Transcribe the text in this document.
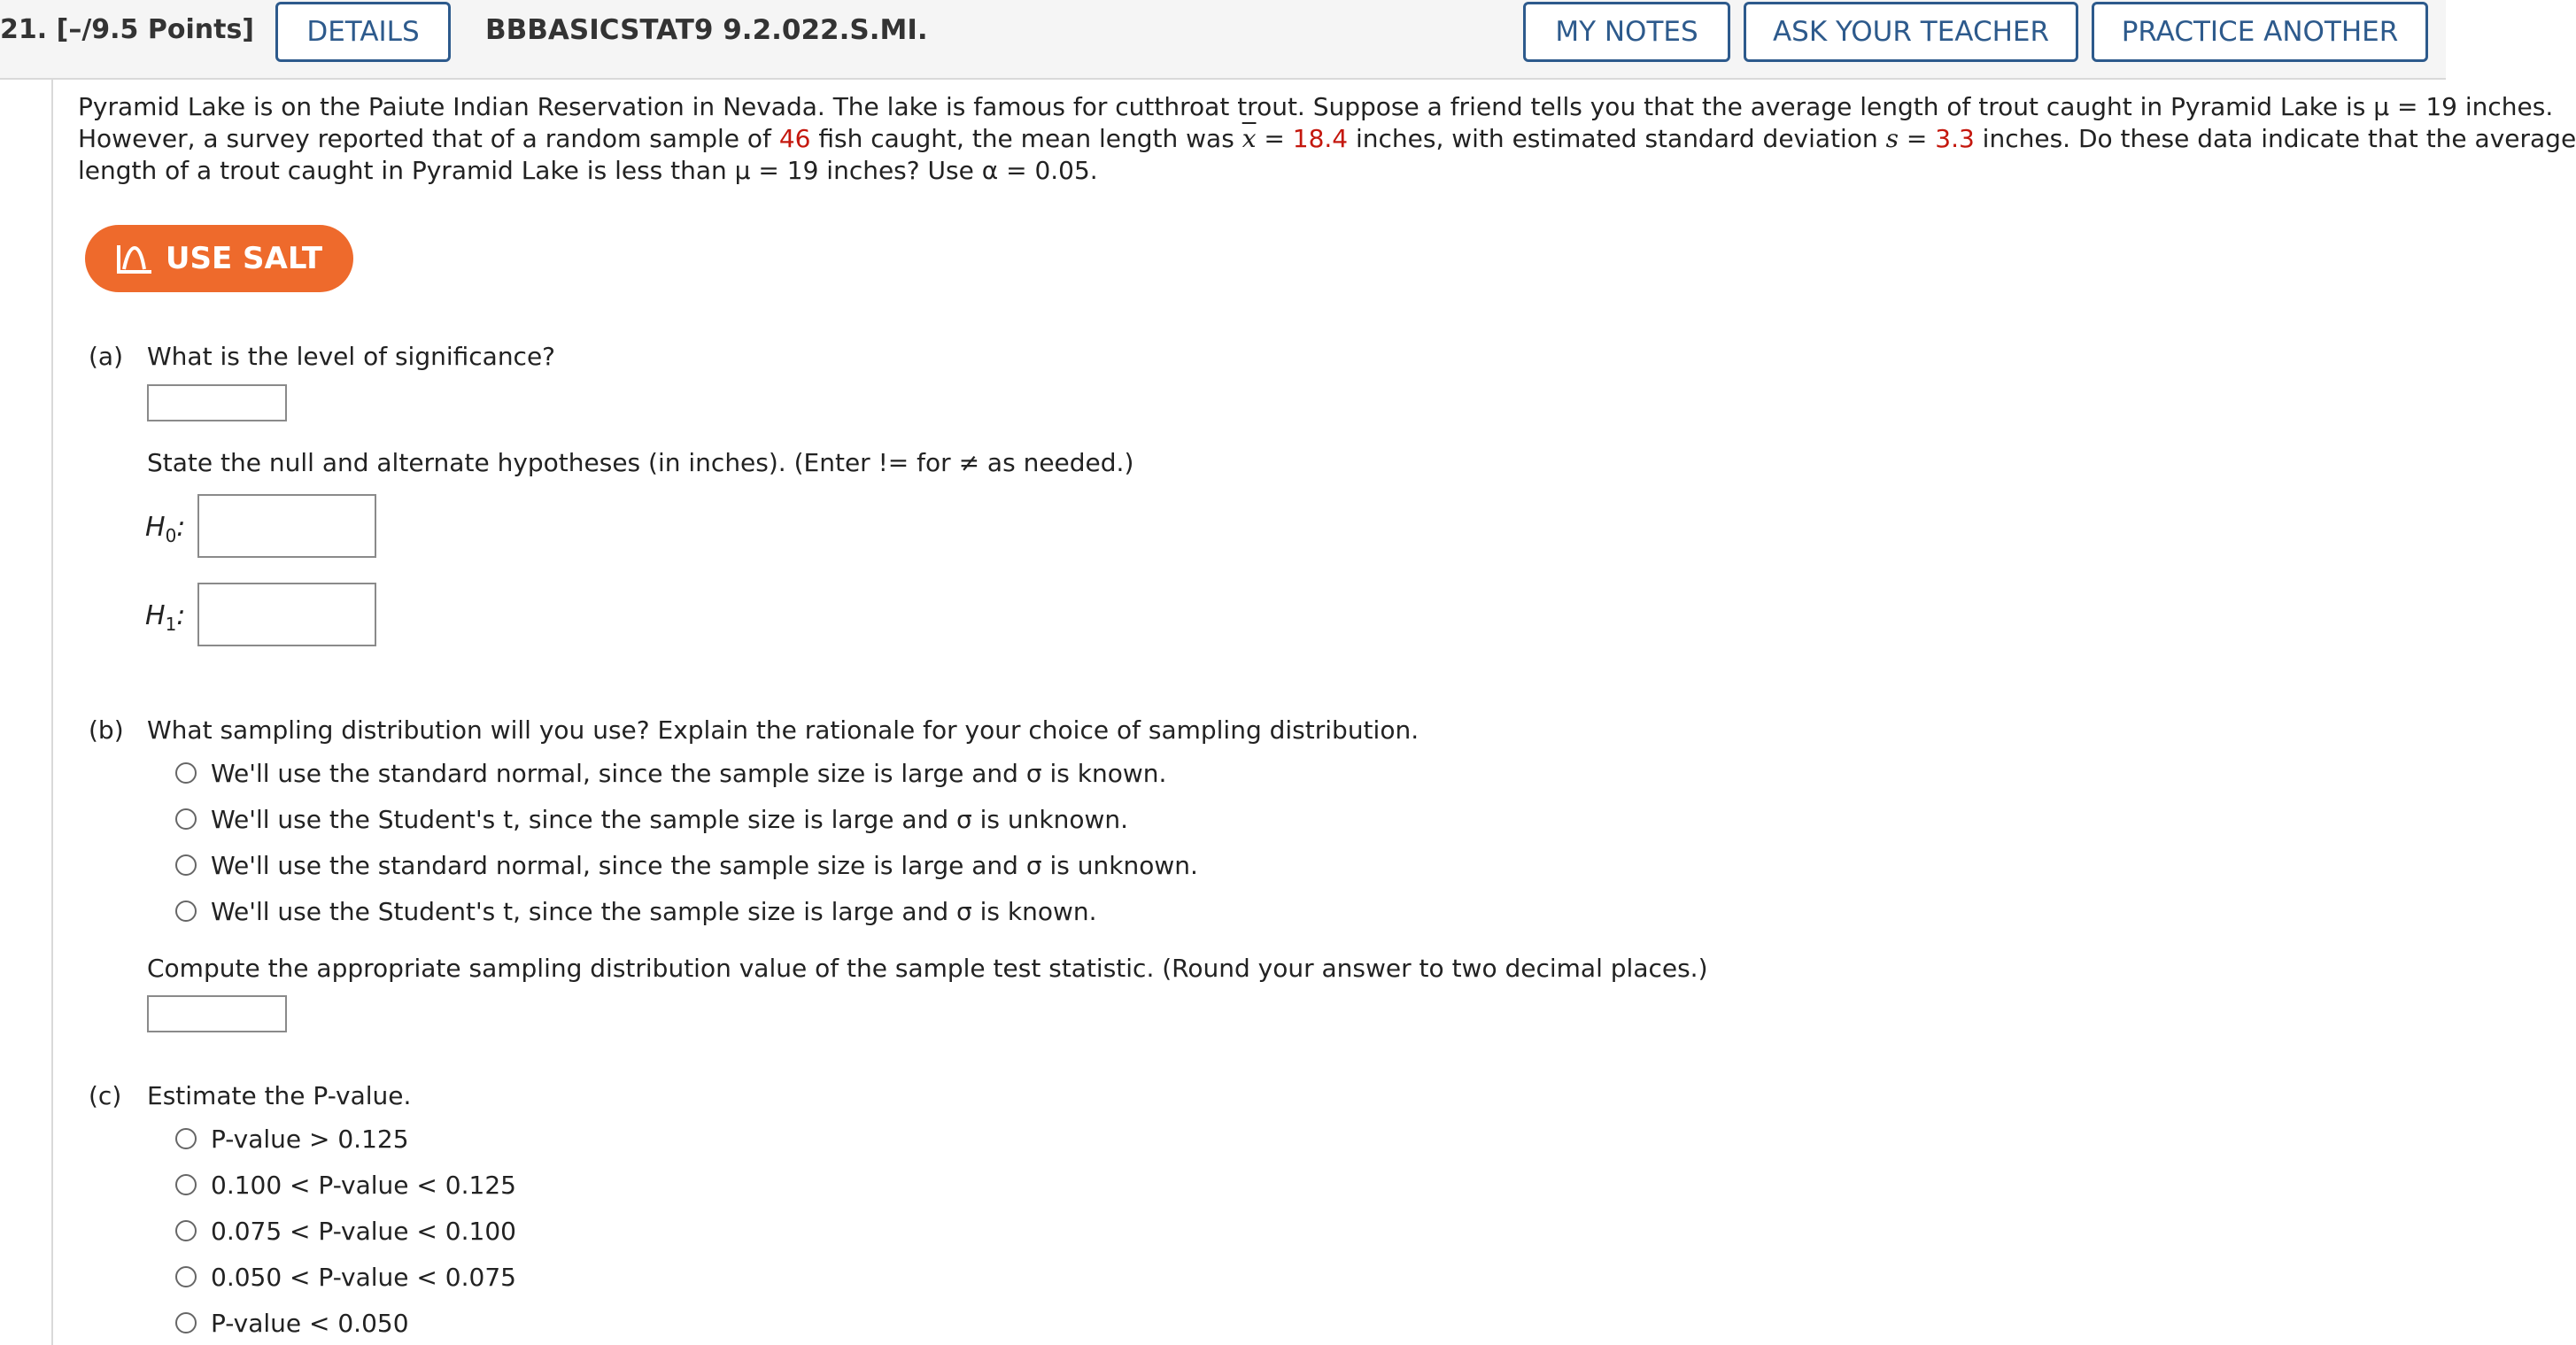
21. [–/9.5 Points]	DETAILS	BBBASICSTAT9 9.2.022.S.MI.	MY NOTES	ASK YOUR TEACHER	PRACTICE ANOTHER
Pyramid Lake is on the Paiute Indian Reservation in Nevada. The lake is famous for cutthroat trout. Suppose a friend tells you that the average length of trout caught in Pyramid Lake is μ = 19 inches.
However, a survey reported that of a random sample of 46 fish caught, the mean length was $\overline{x} = 18.4$ inches, with estimated standard deviation s = 3.3 inches. Do these data indicate that the average
length of a trout caught in Pyramid Lake is less than μ = 19 inches? Use α = 0.05.
USE SALT
(a) What is the level of significance?
State the null and alternate hypotheses (in inches). (Enter != for ≠ as needed.)
$H_0$:
$H_1$:
(b) What sampling distribution will you use? Explain the rationale for your choice of sampling distribution.
We'll use the standard normal, since the sample size is large and σ is known.
We'll use the Student's t, since the sample size is large and σ is unknown.
We'll use the standard normal, since the sample size is large and σ is unknown.
We'll use the Student's t, since the sample size is large and σ is known.
Compute the appropriate sampling distribution value of the sample test statistic. (Round your answer to two decimal places.)
(c) Estimate the P-value.
P-value > 0.125
0.100 < P-value < 0.125
0.075 < P-value < 0.100
0.050 < P-value < 0.075
P-value < 0.050
